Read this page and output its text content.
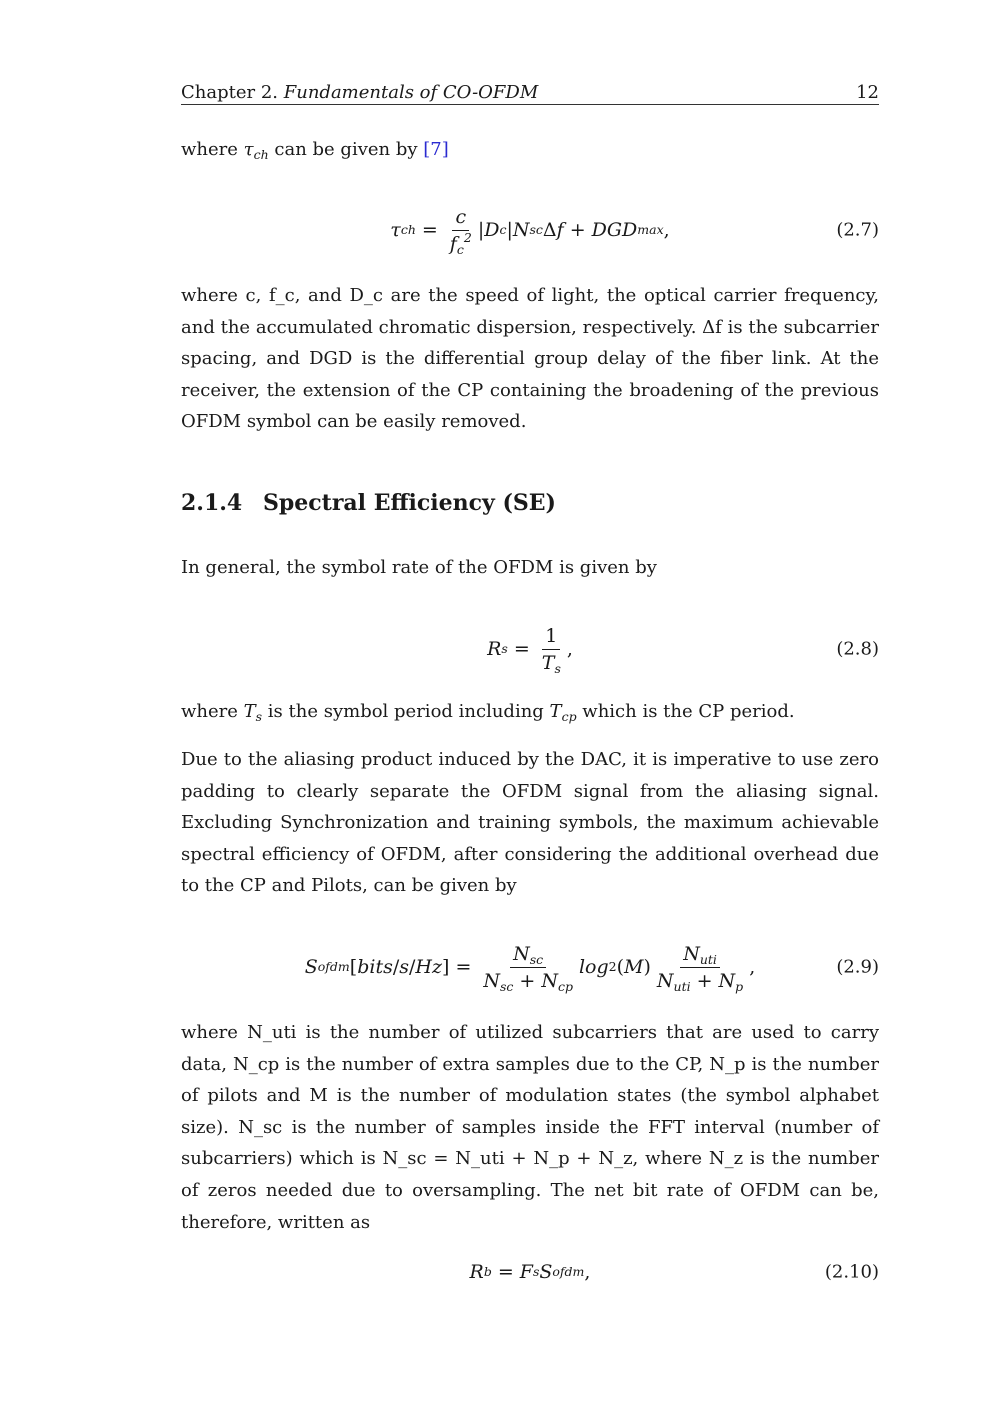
Chapter 2. Fundamentals of CO-OFDM	12
where $\tau_{ch}$ can be given by [7]
τ ch = $\frac{c}{f_c^2}$ | D c | N sc Δ f + DGD max ,	(2.7)
where c, f_c, and D_c are the speed of light, the optical carrier frequency, and the accumulated chromatic dispersion, respectively. Δf is the subcarrier spacing, and DGD is the differential group delay of the fiber link. At the receiver, the extension of the CP containing the broadening of the previous OFDM symbol can be easily removed.
2.1.4 Spectral Efficiency (SE)
In general, the symbol rate of the OFDM is given by
R $s = \frac{1}{T_s}$ ,	(2.8)
where $T_s$ is the symbol period including $T_{cp}$ which is the CP period.
Due to the aliasing product induced by the DAC, it is imperative to use zero padding to clearly separate the OFDM signal from the aliasing signal. Excluding Synchronization and training symbols, the maximum achievable spectral efficiency of OFDM, after considering the additional overhead due to the CP and Pilots, can be given by
S ofdm [ bits / s / Hz ] = $\frac{N_{sc}}{N_{sc} + N_{cp}}$ log 2 ( M ) $\frac{N_{uti}}{N_{uti} + N_p}$ ,	(2.9)
where N_uti is the number of utilized subcarriers that are used to carry data, N_cp is the number of extra samples due to the CP, N_p is the number of pilots and M is the number of modulation states (the symbol alphabet size). N_sc is the number of samples inside the FFT interval (number of subcarriers) which is N_sc = N_uti + N_p + N_z, where N_z is the number of zeros needed due to oversampling. The net bit rate of OFDM can be, therefore, written as
R b = F s S ofdm ,	(2.10)
